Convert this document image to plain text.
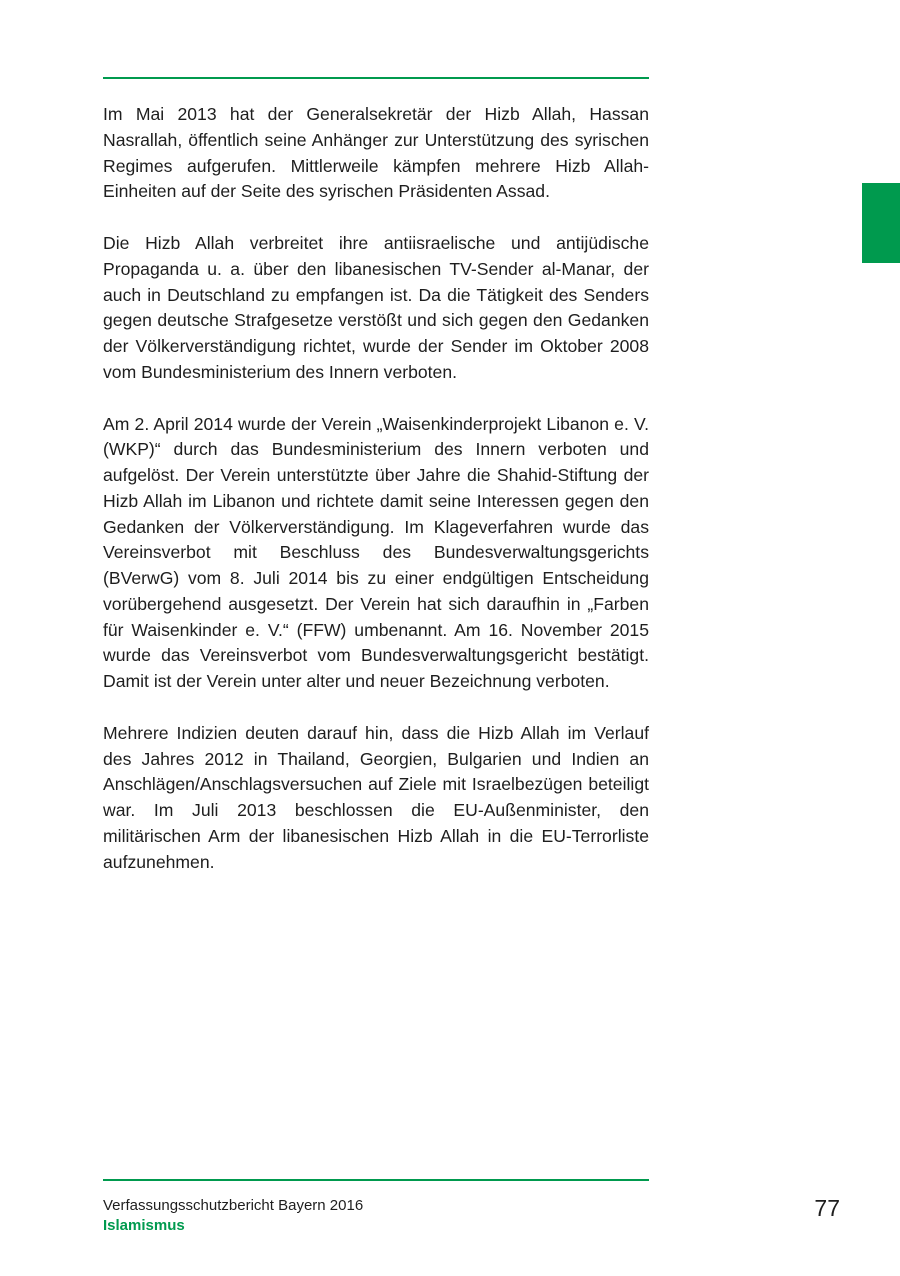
Im Mai 2013 hat der Generalsekretär der Hizb Allah, Hassan Nasrallah, öffentlich seine Anhänger zur Unterstützung des syrischen Regimes aufgerufen. Mittlerweile kämpfen mehrere Hizb Allah-Einheiten auf der Seite des syrischen Präsidenten Assad.

Die Hizb Allah verbreitet ihre antiisraelische und antijüdische Propaganda u. a. über den libanesischen TV-Sender al-Manar, der auch in Deutschland zu empfangen ist. Da die Tätigkeit des Senders gegen deutsche Strafgesetze verstößt und sich gegen den Gedanken der Völkerverständigung richtet, wurde der Sender im Oktober 2008 vom Bundesministerium des Innern verboten.

Am 2. April 2014 wurde der Verein „Waisenkinderprojekt Libanon e. V. (WKP)“ durch das Bundesministerium des Innern verboten und aufgelöst. Der Verein unterstützte über Jahre die Shahid-Stiftung der Hizb Allah im Libanon und richtete damit seine Interessen gegen den Gedanken der Völkerverständigung. Im Klageverfahren wurde das Vereinsverbot mit Beschluss des Bundesverwaltungsgerichts (BVerwG) vom 8. Juli 2014 bis zu einer endgültigen Entscheidung vorübergehend ausgesetzt. Der Verein hat sich daraufhin in „Farben für Waisenkinder e. V.“ (FFW) umbenannt. Am 16. November 2015 wurde das Vereinsverbot vom Bundesverwaltungsgericht bestätigt. Damit ist der Verein unter alter und neuer Bezeichnung verboten.

Mehrere Indizien deuten darauf hin, dass die Hizb Allah im Verlauf des Jahres 2012 in Thailand, Georgien, Bulgarien und Indien an Anschlägen/Anschlagsversuchen auf Ziele mit Israelbezügen beteiligt war. Im Juli 2013 beschlossen die EU-Außenminister, den militärischen Arm der libanesischen Hizb Allah in die EU-Terrorliste aufzunehmen.

Verfassungsschutzbericht Bayern 2016
Islamismus
77
